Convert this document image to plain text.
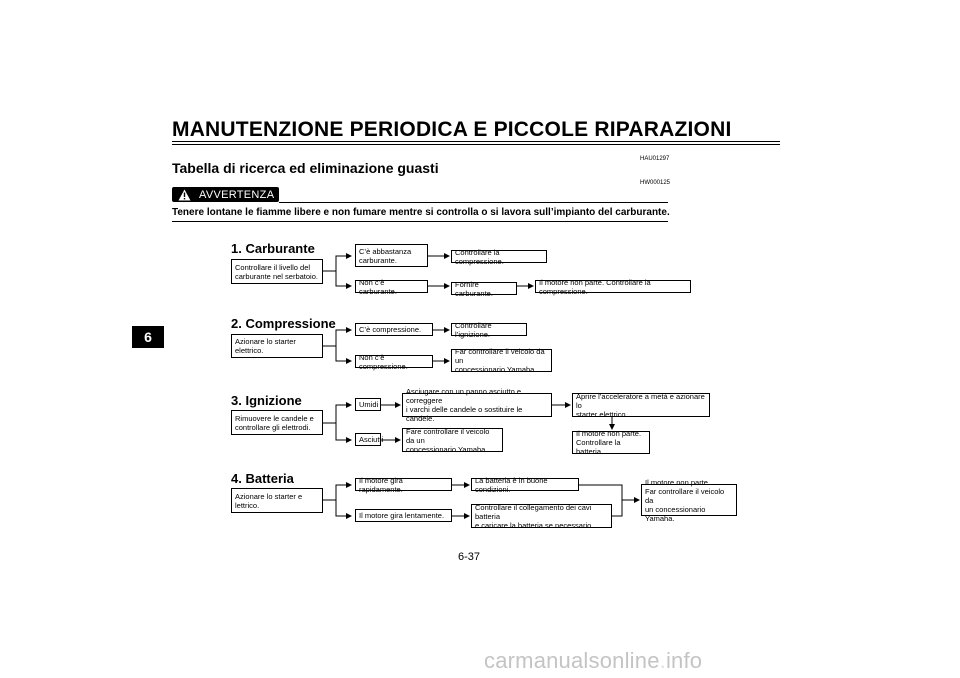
MANUTENZIONE PERIODICA E PICCOLE RIPARAZIONI
HAU01297
Tabella di ricerca ed eliminazione guasti
HW000125
AVVERTENZA
Tenere lontane le fiamme libere e non fumare mentre si controlla o si lavora sull’impianto del carburante.
6
1. Carburante
Controllare il livello del
carburante nel serbatoio.
C’è abbastanza
carburante.
Controllare la compressione.
Non c’è carburante.
Fornire carburante.
Il motore non parte. Controllare la compressione.
2. Compressione
Azionare lo starter
elettrico.
C’è compressione.	Controllare l’ignizione.
Non c’è compressione.
Far controllare il veicolo da un
concessionario Yamaha.
3. Ignizione
Rimuovere le candele e
controllare gli elettrodi.
Umidi
Asciugare con un panno asciutto e correggere
i varchi delle candele o sostituire le candele.
Aprire l’acceleratore a metà e azionare lo
starter elettrico.
Il motore non parte.
Controllare la batteria.
Asciutti
Fare controllare il veicolo da un
concessionario Yamaha.
4. Batteria
Azionare lo starter e
lettrico.
Il motore gira rapidamente.
La batteria è in buone condizioni.
Il motore gira lentamente.
Controllare il collegamento dei cavi batteria
e caricare la batteria se necessario.
Il motore non parte.
Far controllare il veicolo da
un concessionario Yamaha.
6-37
carmanualsonline.info
